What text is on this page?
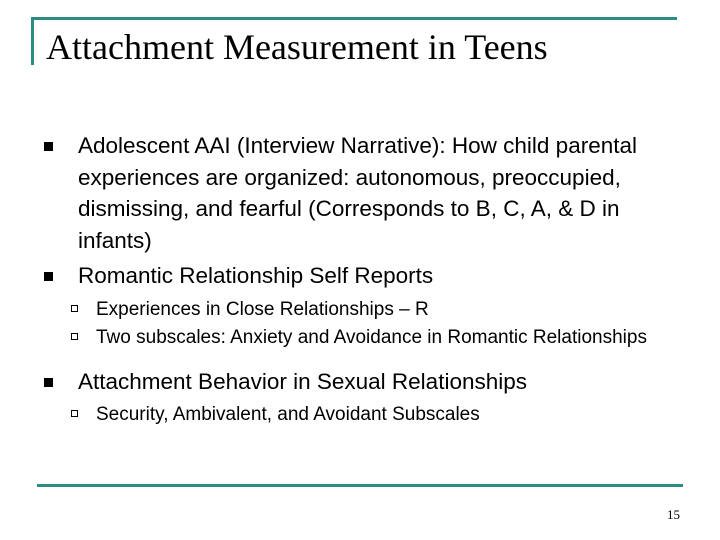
Attachment Measurement in Teens
Adolescent AAI (Interview Narrative): How child parental experiences are organized: autonomous, preoccupied, dismissing, and fearful (Corresponds to B, C, A, & D in infants)
Romantic Relationship Self Reports
Experiences in Close Relationships – R
Two subscales: Anxiety and Avoidance in Romantic Relationships
Attachment Behavior in Sexual Relationships
Security, Ambivalent, and Avoidant Subscales
15
